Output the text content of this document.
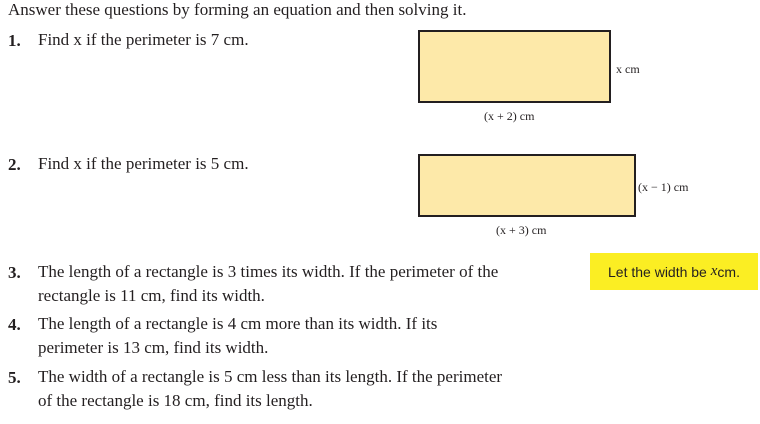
Answer these questions by forming an equation and then solving it.
1. Find x if the perimeter is 7 cm.
x cm
(x + 2) cm
2. Find x if the perimeter is 5 cm.
(x − 1) cm
(x + 3) cm
3. The length of a rectangle is 3 times its width. If the perimeter of the
rectangle is 11 cm, find its width.
Let the width be
x cm.
4. The length of a rectangle is 4 cm more than its width. If its
perimeter is 13 cm, find its width.
5. The width of a rectangle is 5 cm less than its length. If the perimeter
of the rectangle is 18 cm, find its length.
